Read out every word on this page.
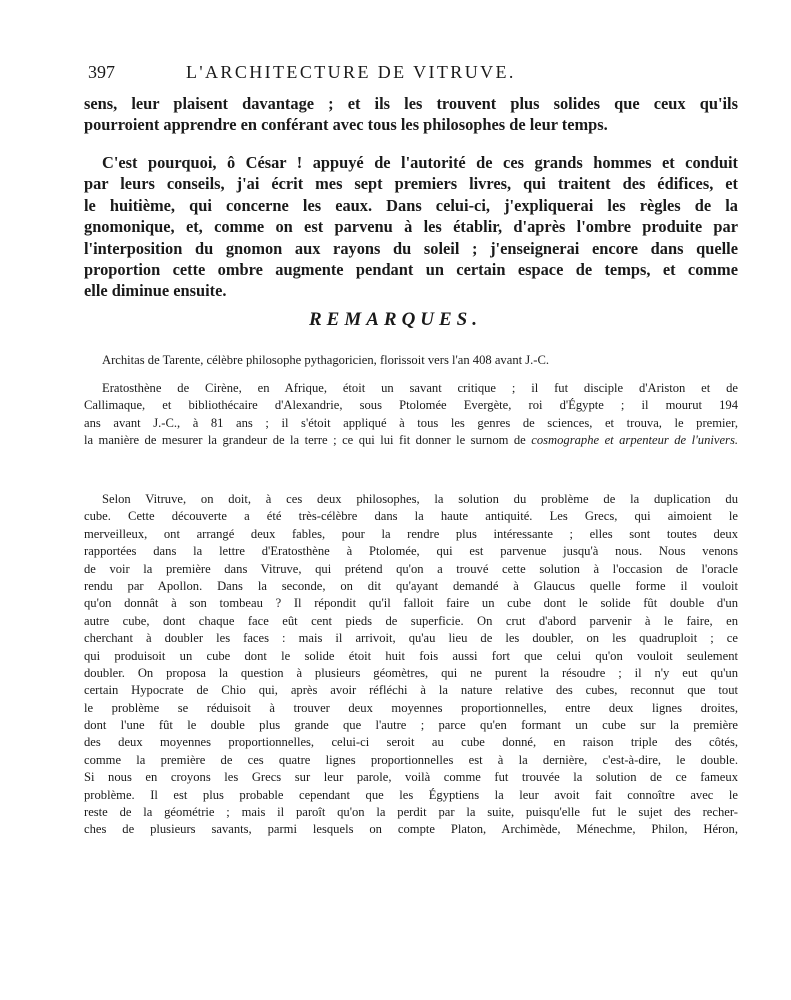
397	L'ARCHITECTURE DE VITRUVE.
sens, leur plaisent davantage ; et ils les trouvent plus solides que ceux qu'ils
pourroient apprendre en conférant avec tous les philosophes de leur temps.
C'est pourquoi, ô César ! appuyé de l'autorité de ces grands hommes et conduit
par leurs conseils, j'ai écrit mes sept premiers livres, qui traitent des édifices, et
le huitième, qui concerne les eaux. Dans celui-ci, j'expliquerai les règles de la
gnomonique, et, comme on est parvenu à les établir, d'après l'ombre produite par
l'interposition du gnomon aux rayons du soleil ; j'enseignerai encore dans quelle
proportion cette ombre augmente pendant un certain espace de temps, et comme
elle diminue ensuite.
REMARQUES.
Architas de Tarente, célèbre philosophe pythagoricien, florissoit vers l'an 408 avant J.-C.
Eratosthène de Cirène, en Afrique, étoit un savant critique ; il fut disciple d'Ariston et de
Callimaque, et bibliothécaire d'Alexandrie, sous Ptolomée Evergète, roi d'Égypte ; il mourut 194
ans avant J.-C., à 81 ans ; il s'étoit appliqué à tous les genres de sciences, et trouva, le premier,
la manière de mesurer la grandeur de la terre ; ce qui lui fit donner le surnom de cosmographe et arpenteur de l'univers.
Selon Vitruve, on doit, à ces deux philosophes, la solution du problème de la duplication du
cube. Cette découverte a été très-célèbre dans la haute antiquité. Les Grecs, qui aimoient le
merveilleux, ont arrangé deux fables, pour la rendre plus intéressante ; elles sont toutes deux
rapportées dans la lettre d'Eratosthène à Ptolomée, qui est parvenue jusqu'à nous. Nous venons
de voir la première dans Vitruve, qui prétend qu'on a trouvé cette solution à l'occasion de l'oracle
rendu par Apollon. Dans la seconde, on dit qu'ayant demandé à Glaucus quelle forme il vouloit
qu'on donnât à son tombeau ? Il répondit qu'il falloit faire un cube dont le solide fût double d'un
autre cube, dont chaque face eût cent pieds de superficie. On crut d'abord parvenir à le faire, en
cherchant à doubler les faces : mais il arrivoit, qu'au lieu de les doubler, on les quadruploit ; ce
qui produisoit un cube dont le solide étoit huit fois aussi fort que celui qu'on vouloit seulement
doubler. On proposa la question à plusieurs géomètres, qui ne purent la résoudre ; il n'y eut qu'un
certain Hypocrate de Chio qui, après avoir réfléchi à la nature relative des cubes, reconnut que tout
le problème se réduisoit à trouver deux moyennes proportionnelles, entre deux lignes droites,
dont l'une fût le double plus grande que l'autre ; parce qu'en formant un cube sur la première
des deux moyennes proportionnelles, celui-ci seroit au cube donné, en raison triple des côtés,
comme la première de ces quatre lignes proportionnelles est à la dernière, c'est-à-dire, le double.
Si nous en croyons les Grecs sur leur parole, voilà comme fut trouvée la solution de ce fameux
problème. Il est plus probable cependant que les Égyptiens la leur avoit fait connoître avec le
reste de la géométrie ; mais il paroît qu'on la perdit par la suite, puisqu'elle fut le sujet des recher-
ches de plusieurs savants, parmi lesquels on compte Platon, Archimède, Ménechme, Philon, Héron,
